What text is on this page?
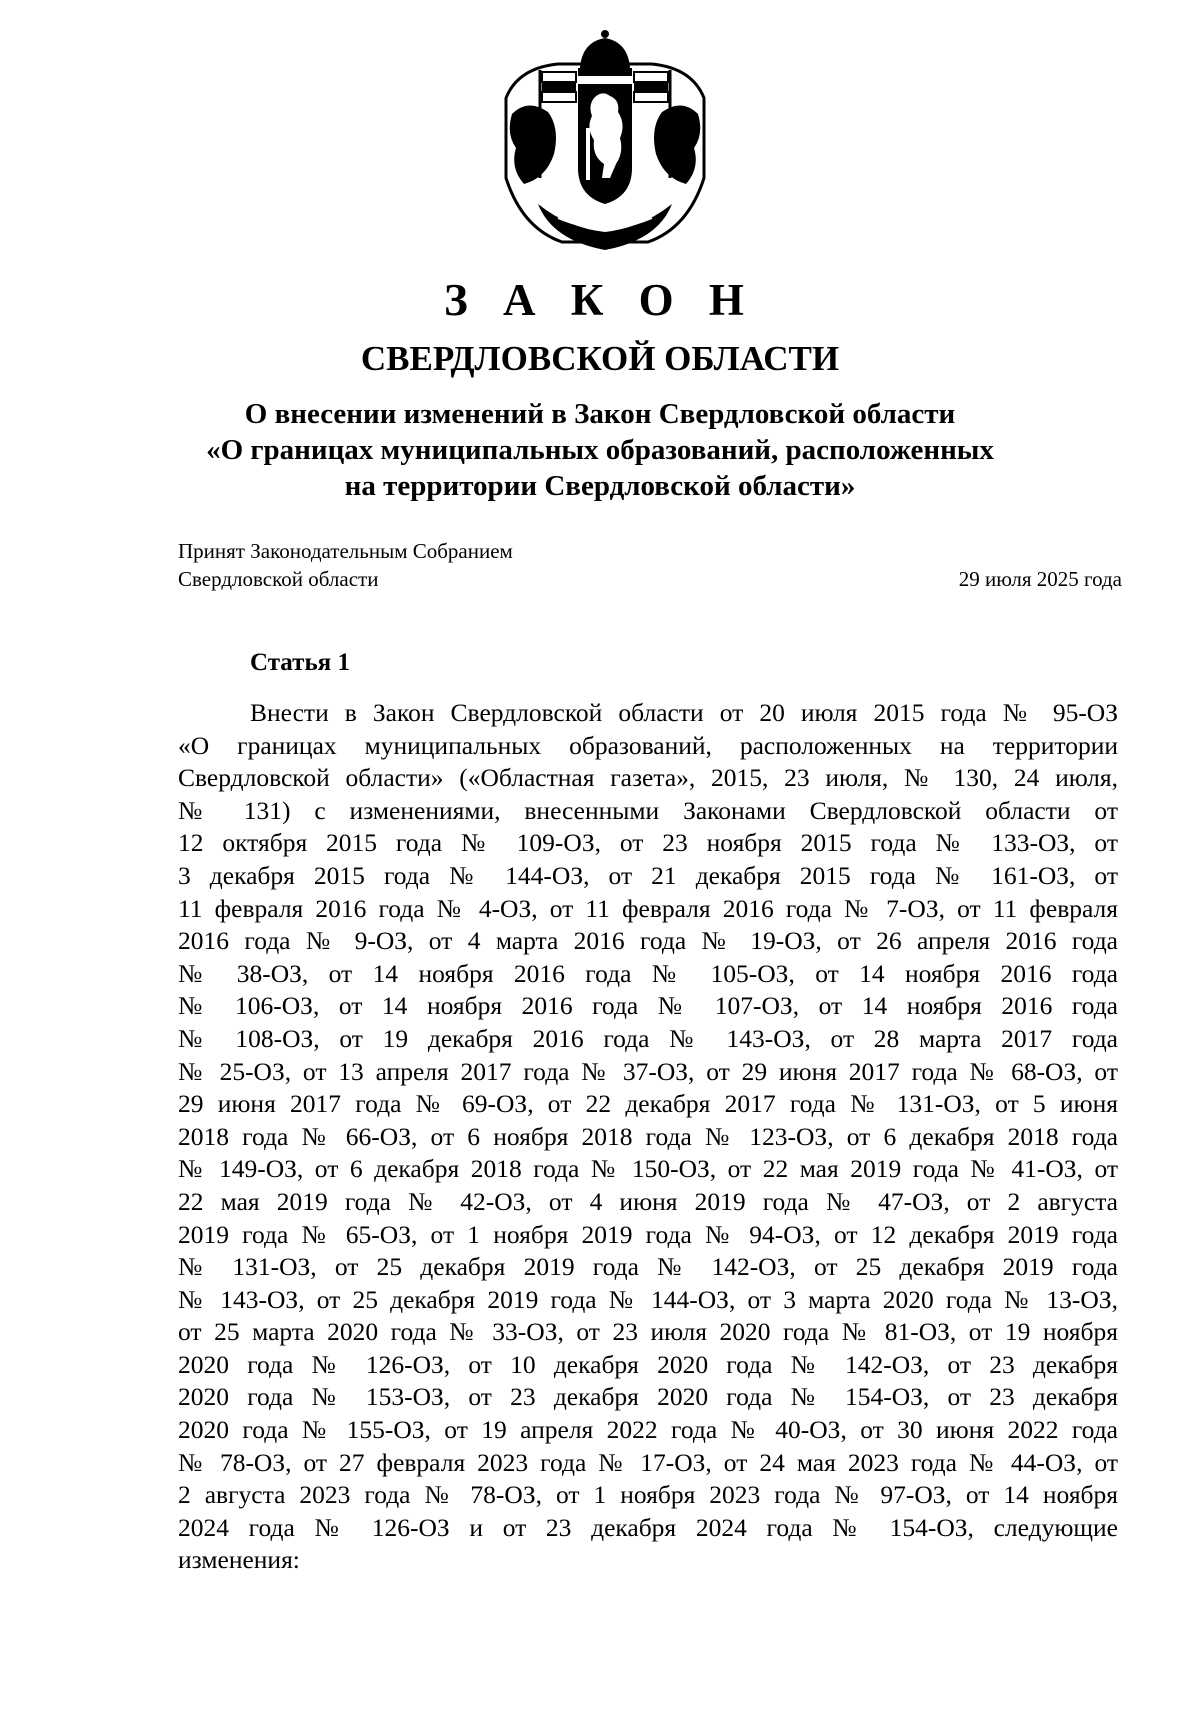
З А К О Н
СВЕРДЛОВСКОЙ ОБЛАСТИ
О внесении изменений в Закон Свердловской области
«О границах муниципальных образований, расположенных
на территории Свердловской области»
Принят Законодательным Собранием
Свердловской области	29 июля 2025 года
Статья 1
Внести в Закон Свердловской области от 20 июля 2015 года № 95-ОЗ
«О границах муниципальных образований, расположенных на территории
Свердловской области» («Областная газета», 2015, 23 июля, № 130, 24 июля,
№ 131) с изменениями, внесенными Законами Свердловской области от
12 октября 2015 года № 109-ОЗ, от 23 ноября 2015 года № 133-ОЗ, от
3 декабря 2015 года № 144-ОЗ, от 21 декабря 2015 года № 161-ОЗ, от
11 февраля 2016 года № 4-ОЗ, от 11 февраля 2016 года № 7-ОЗ, от 11 февраля
2016 года № 9-ОЗ, от 4 марта 2016 года № 19-ОЗ, от 26 апреля 2016 года
№ 38-ОЗ, от 14 ноября 2016 года № 105-ОЗ, от 14 ноября 2016 года
№ 106-ОЗ, от 14 ноября 2016 года № 107-ОЗ, от 14 ноября 2016 года
№ 108-ОЗ, от 19 декабря 2016 года № 143-ОЗ, от 28 марта 2017 года
№ 25-ОЗ, от 13 апреля 2017 года № 37-ОЗ, от 29 июня 2017 года № 68-ОЗ, от
29 июня 2017 года № 69-ОЗ, от 22 декабря 2017 года № 131-ОЗ, от 5 июня
2018 года № 66-ОЗ, от 6 ноября 2018 года № 123-ОЗ, от 6 декабря 2018 года
№ 149-ОЗ, от 6 декабря 2018 года № 150-ОЗ, от 22 мая 2019 года № 41-ОЗ, от
22 мая 2019 года № 42-ОЗ, от 4 июня 2019 года № 47-ОЗ, от 2 августа
2019 года № 65-ОЗ, от 1 ноября 2019 года № 94-ОЗ, от 12 декабря 2019 года
№ 131-ОЗ, от 25 декабря 2019 года № 142-ОЗ, от 25 декабря 2019 года
№ 143-ОЗ, от 25 декабря 2019 года № 144-ОЗ, от 3 марта 2020 года № 13-ОЗ,
от 25 марта 2020 года № 33-ОЗ, от 23 июля 2020 года № 81-ОЗ, от 19 ноября
2020 года № 126-ОЗ, от 10 декабря 2020 года № 142-ОЗ, от 23 декабря
2020 года № 153-ОЗ, от 23 декабря 2020 года № 154-ОЗ, от 23 декабря
2020 года № 155-ОЗ, от 19 апреля 2022 года № 40-ОЗ, от 30 июня 2022 года
№ 78-ОЗ, от 27 февраля 2023 года № 17-ОЗ, от 24 мая 2023 года № 44-ОЗ, от
2 августа 2023 года № 78-ОЗ, от 1 ноября 2023 года № 97-ОЗ, от 14 ноября
2024 года № 126-ОЗ и от 23 декабря 2024 года № 154-ОЗ, следующие
изменения:
